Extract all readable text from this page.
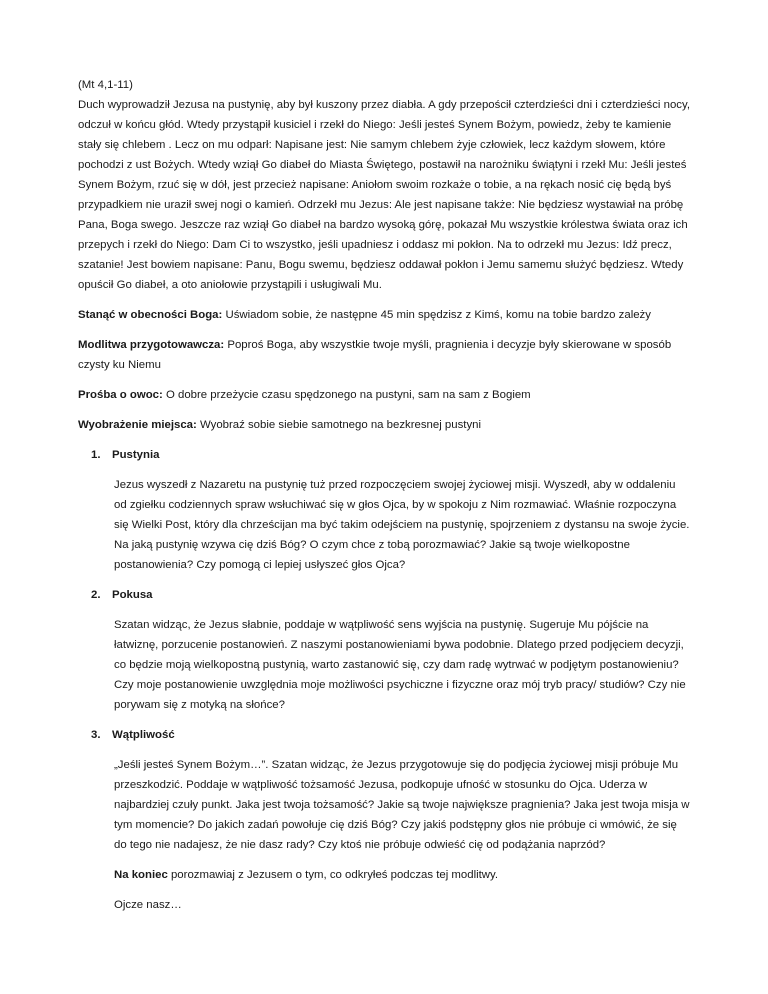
(Mt 4,1-11)
Duch wyprowadził Jezusa na pustynię, aby był kuszony przez diabła. A gdy przepościł czterdzieści dni i czterdzieści nocy, odczuł w końcu głód. Wtedy przystąpił kusiciel i rzekł do Niego: Jeśli jesteś Synem Bożym, powiedz, żeby te kamienie stały się chlebem . Lecz on mu odparł: Napisane jest: Nie samym chlebem żyje człowiek, lecz każdym słowem, które pochodzi z ust Bożych. Wtedy wziął Go diabeł do Miasta Świętego, postawił na narożniku świątyni i rzekł Mu: Jeśli jesteś Synem Bożym, rzuć się w dół, jest przecież napisane: Aniołom swoim rozkaże o tobie, a na rękach nosić cię będą byś przypadkiem nie uraził swej nogi o kamień. Odrzekł mu Jezus: Ale jest napisane także: Nie będziesz wystawiał na próbę Pana, Boga swego. Jeszcze raz wziął Go diabeł na bardzo wysoką górę, pokazał Mu wszystkie królestwa świata oraz ich przepych i rzekł do Niego: Dam Ci to wszystko, jeśli upadniesz i oddasz mi pokłon. Na to odrzekł mu Jezus: Idź precz, szatanie! Jest bowiem napisane: Panu, Bogu swemu, będziesz oddawał pokłon i Jemu samemu służyć będziesz. Wtedy opuścił Go diabeł, a oto aniołowie przystąpili i usługiwali Mu.

Stanąć w obecności Boga: Uświadom sobie, że następne 45 min spędzisz z Kimś, komu na tobie bardzo zależy

Modlitwa przygotowawcza: Poproś Boga, aby wszystkie twoje myśli, pragnienia i decyzje były skierowane w sposób czysty ku Niemu

Prośba o owoc: O dobre przeżycie czasu spędzonego na pustyni, sam na sam z Bogiem

Wyobrażenie miejsca: Wyobraź sobie siebie samotnego na bezkresnej pustyni

1.	Pustynia
Jezus wyszedł z Nazaretu na pustynię tuż przed rozpoczęciem swojej życiowej misji. Wyszedł, aby w oddaleniu od zgiełku codziennych spraw wsłuchiwać się w głos Ojca, by w spokoju z Nim rozmawiać. Właśnie rozpoczyna się Wielki Post, który dla chrześcijan ma być takim odejściem na pustynię, spojrzeniem z dystansu na swoje życie. Na jaką pustynię wzywa cię dziś Bóg? O czym chce z tobą porozmawiać? Jakie są twoje wielkopostne postanowienia? Czy pomogą ci lepiej usłyszeć głos Ojca?
2.	Pokusa
Szatan widząc, że Jezus słabnie, poddaje w wątpliwość sens wyjścia na pustynię. Sugeruje Mu pójście na łatwiznę, porzucenie postanowień. Z naszymi postanowieniami bywa podobnie. Dlatego przed podjęciem decyzji, co będzie moją wielkopostną pustynią, warto zastanowić się, czy dam radę wytrwać w podjętym postanowieniu? Czy moje postanowienie uwzględnia moje możliwości psychiczne i fizyczne oraz mój tryb pracy/ studiów? Czy nie porywam się z motyką na słońce?
3.	Wątpliwość
„Jeśli jesteś Synem Bożym…”. Szatan widząc, że Jezus przygotowuje się do podjęcia życiowej misji próbuje Mu przeszkodzić. Poddaje w wątpliwość tożsamość Jezusa, podkopuje ufność w stosunku do Ojca. Uderza w najbardziej czuły punkt. Jaka jest twoja tożsamość? Jakie są twoje największe pragnienia? Jaka jest twoja misja w tym momencie? Do jakich zadań powołuje cię dziś Bóg? Czy jakiś podstępny głos nie próbuje ci wmówić, że się do tego nie nadajesz, że nie dasz rady? Czy ktoś nie próbuje odwieść cię od podążania naprzód?

Na koniec porozmawiaj z Jezusem o tym, co odkryłeś podczas tej modlitwy.

Ojcze nasz…
